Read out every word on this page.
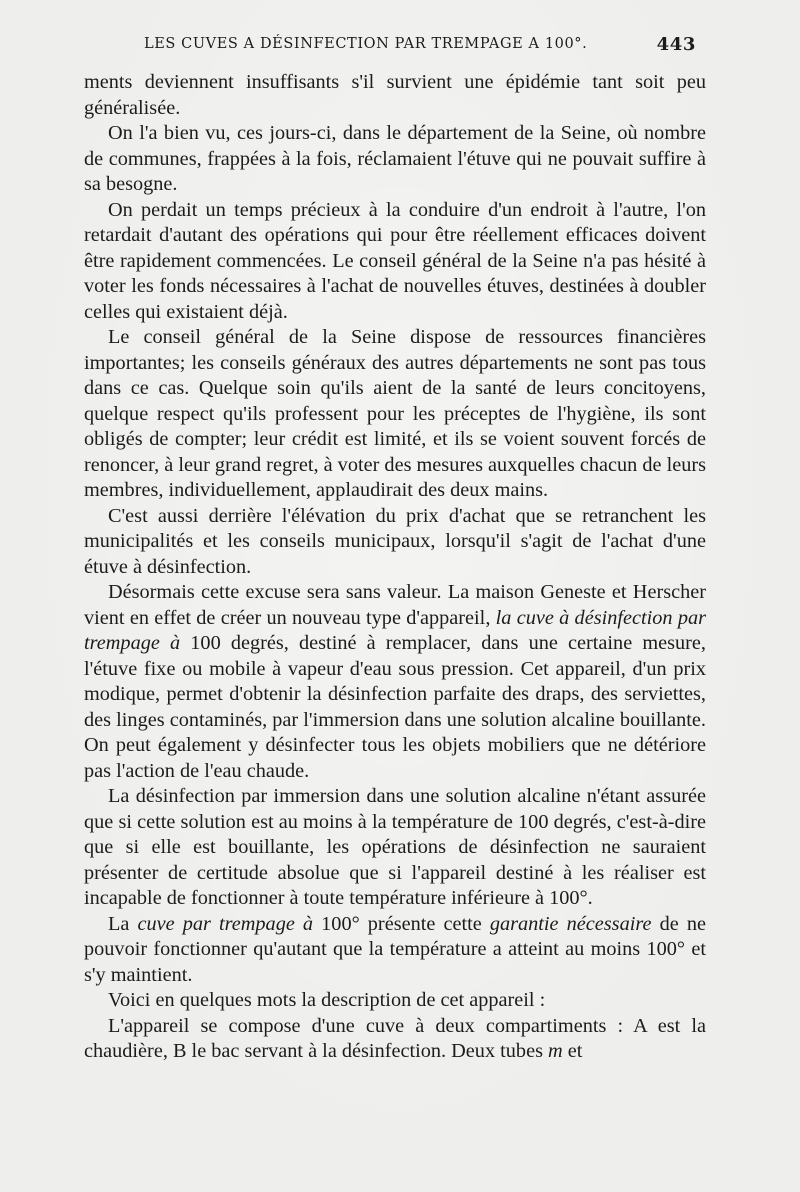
LES CUVES A DÉSINFECTION PAR TREMPAGE A 100°.	443

ments deviennent insuffisants s'il survient une épidémie tant soit peu généralisée.

On l'a bien vu, ces jours-ci, dans le département de la Seine, où nombre de communes, frappées à la fois, réclamaient l'étuve qui ne pouvait suffire à sa besogne.

On perdait un temps précieux à la conduire d'un endroit à l'autre, l'on retardait d'autant des opérations qui pour être réellement efficaces doivent être rapidement commencées. Le conseil général de la Seine n'a pas hésité à voter les fonds nécessaires à l'achat de nouvelles étuves, destinées à doubler celles qui existaient déjà.

Le conseil général de la Seine dispose de ressources financières importantes; les conseils généraux des autres départements ne sont pas tous dans ce cas. Quelque soin qu'ils aient de la santé de leurs concitoyens, quelque respect qu'ils professent pour les préceptes de l'hygiène, ils sont obligés de compter; leur crédit est limité, et ils se voient souvent forcés de renoncer, à leur grand regret, à voter des mesures auxquelles chacun de leurs membres, individuellement, applaudirait des deux mains.

C'est aussi derrière l'élévation du prix d'achat que se retranchent les municipalités et les conseils municipaux, lorsqu'il s'agit de l'achat d'une étuve à désinfection.

Désormais cette excuse sera sans valeur. La maison Geneste et Herscher vient en effet de créer un nouveau type d'appareil, la cuve à désinfection par trempage à 100 degrés, destiné à remplacer, dans une certaine mesure, l'étuve fixe ou mobile à vapeur d'eau sous pression. Cet appareil, d'un prix modique, permet d'obtenir la désinfection parfaite des draps, des serviettes, des linges contaminés, par l'immersion dans une solution alcaline bouillante. On peut également y désinfecter tous les objets mobiliers que ne détériore pas l'action de l'eau chaude.

La désinfection par immersion dans une solution alcaline n'étant assurée que si cette solution est au moins à la température de 100 degrés, c'est-à-dire que si elle est bouillante, les opérations de désinfection ne sauraient présenter de certitude absolue que si l'appareil destiné à les réaliser est incapable de fonctionner à toute température inférieure à 100°.

La cuve par trempage à 100° présente cette garantie nécessaire de ne pouvoir fonctionner qu'autant que la température a atteint au moins 100° et s'y maintient.

Voici en quelques mots la description de cet appareil :

L'appareil se compose d'une cuve à deux compartiments : A est la chaudière, B le bac servant à la désinfection. Deux tubes m et
